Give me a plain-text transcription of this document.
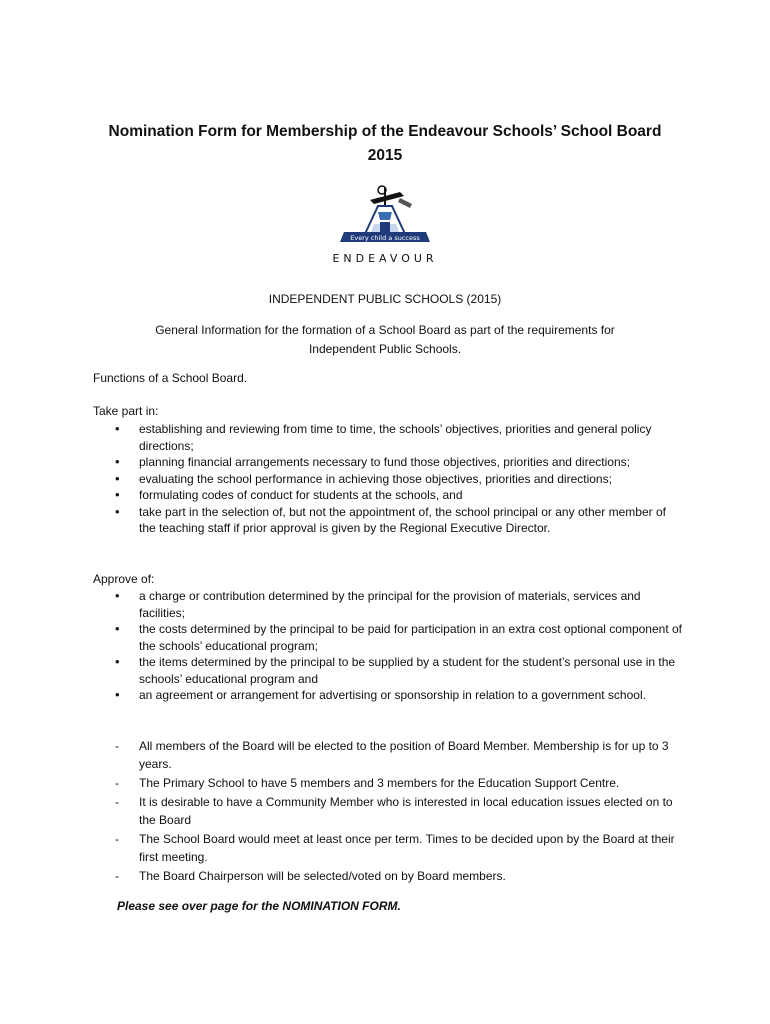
Nomination Form for Membership of the Endeavour Schools’ School Board
2015
Every child a success
ENDEAVOUR
INDEPENDENT PUBLIC SCHOOLS (2015)
General Information for the formation of a School Board as part of the requirements for
Independent Public Schools.
Functions of a School Board.
Take part in:
• establishing and reviewing from time to time, the schools’ objectives, priorities and general policy directions;
• planning financial arrangements necessary to fund those objectives, priorities and directions;
• evaluating the school performance in achieving those objectives, priorities and directions;
• formulating codes of conduct for students at the schools, and
• take part in the selection of, but not the appointment of, the school principal or any other member of the teaching staff if prior approval is given by the Regional Executive Director.
Approve of:
• a charge or contribution determined by the principal for the provision of materials, services and facilities;
• the costs determined by the principal to be paid for participation in an extra cost optional component of the schools’ educational program;
• the items determined by the principal to be supplied by a student for the student’s personal use in the schools’ educational program and
• an agreement or arrangement for advertising or sponsorship in relation to a government school.
- All members of the Board will be elected to the position of Board Member. Membership is for up to 3 years.
- The Primary School to have 5 members and 3 members for the Education Support Centre.
- It is desirable to have a Community Member who is interested in local education issues elected on to the Board
- The School Board would meet at least once per term. Times to be decided upon by the Board at their first meeting.
- The Board Chairperson will be selected/voted on by Board members.
Please see over page for the NOMINATION FORM.
